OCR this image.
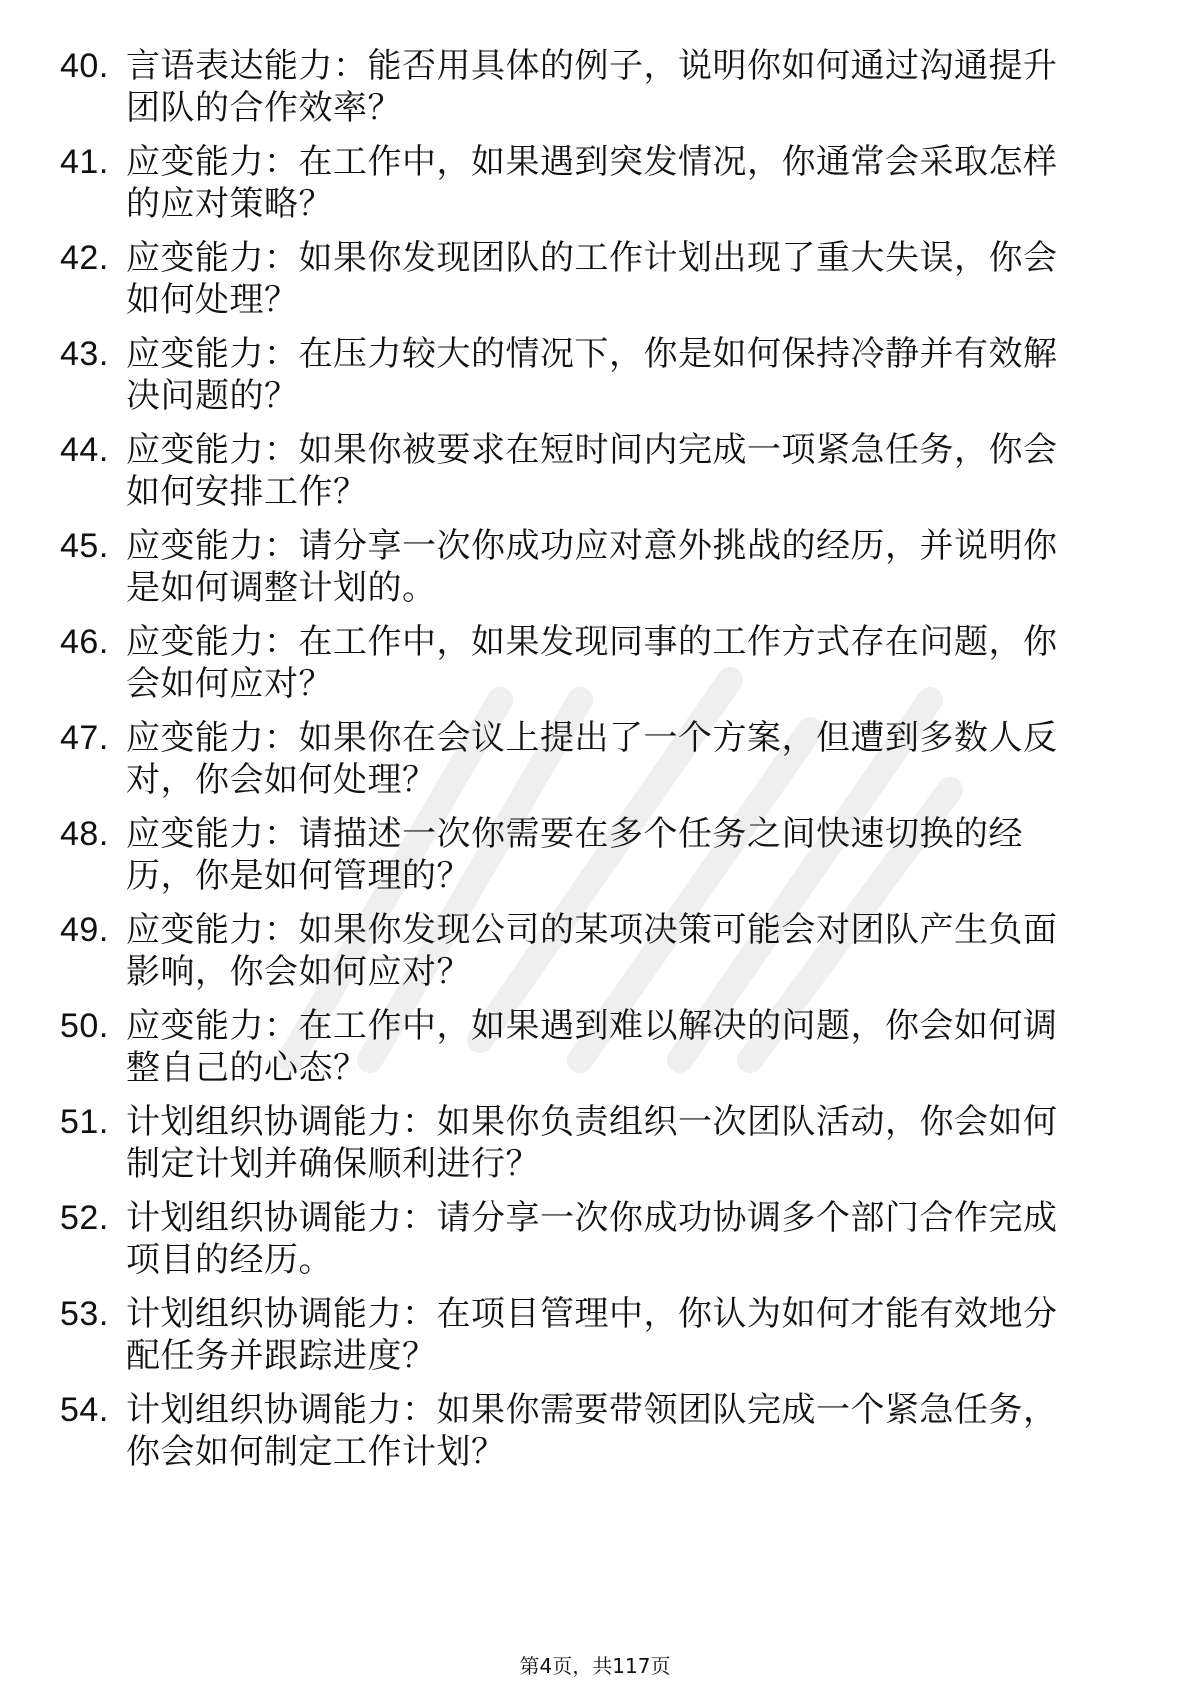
40. 言语表达能力：能否用具体的例子，说明你如何通过沟通提升团队的合作效率？
41. 应变能力：在工作中，如果遇到突发情况，你通常会采取怎样的应对策略？
42. 应变能力：如果你发现团队的工作计划出现了重大失误，你会如何处理？
43. 应变能力：在压力较大的情况下，你是如何保持冷静并有效解决问题的？
44. 应变能力：如果你被要求在短时间内完成一项紧急任务，你会如何安排工作？
45. 应变能力：请分享一次你成功应对意外挑战的经历，并说明你是如何调整计划的。
46. 应变能力：在工作中，如果发现同事的工作方式存在问题，你会如何应对？
47. 应变能力：如果你在会议上提出了一个方案，但遭到多数人反对，你会如何处理？
48. 应变能力：请描述一次你需要在多个任务之间快速切换的经历，你是如何管理的？
49. 应变能力：如果你发现公司的某项决策可能会对团队产生负面影响，你会如何应对？
50. 应变能力：在工作中，如果遇到难以解决的问题，你会如何调整自己的心态？
51. 计划组织协调能力：如果你负责组织一次团队活动，你会如何制定计划并确保顺利进行？
52. 计划组织协调能力：请分享一次你成功协调多个部门合作完成项目的经历。
53. 计划组织协调能力：在项目管理中，你认为如何才能有效地分配任务并跟踪进度？
54. 计划组织协调能力：如果你需要带领团队完成一个紧急任务，你会如何制定工作计划？
第4页，共117页
